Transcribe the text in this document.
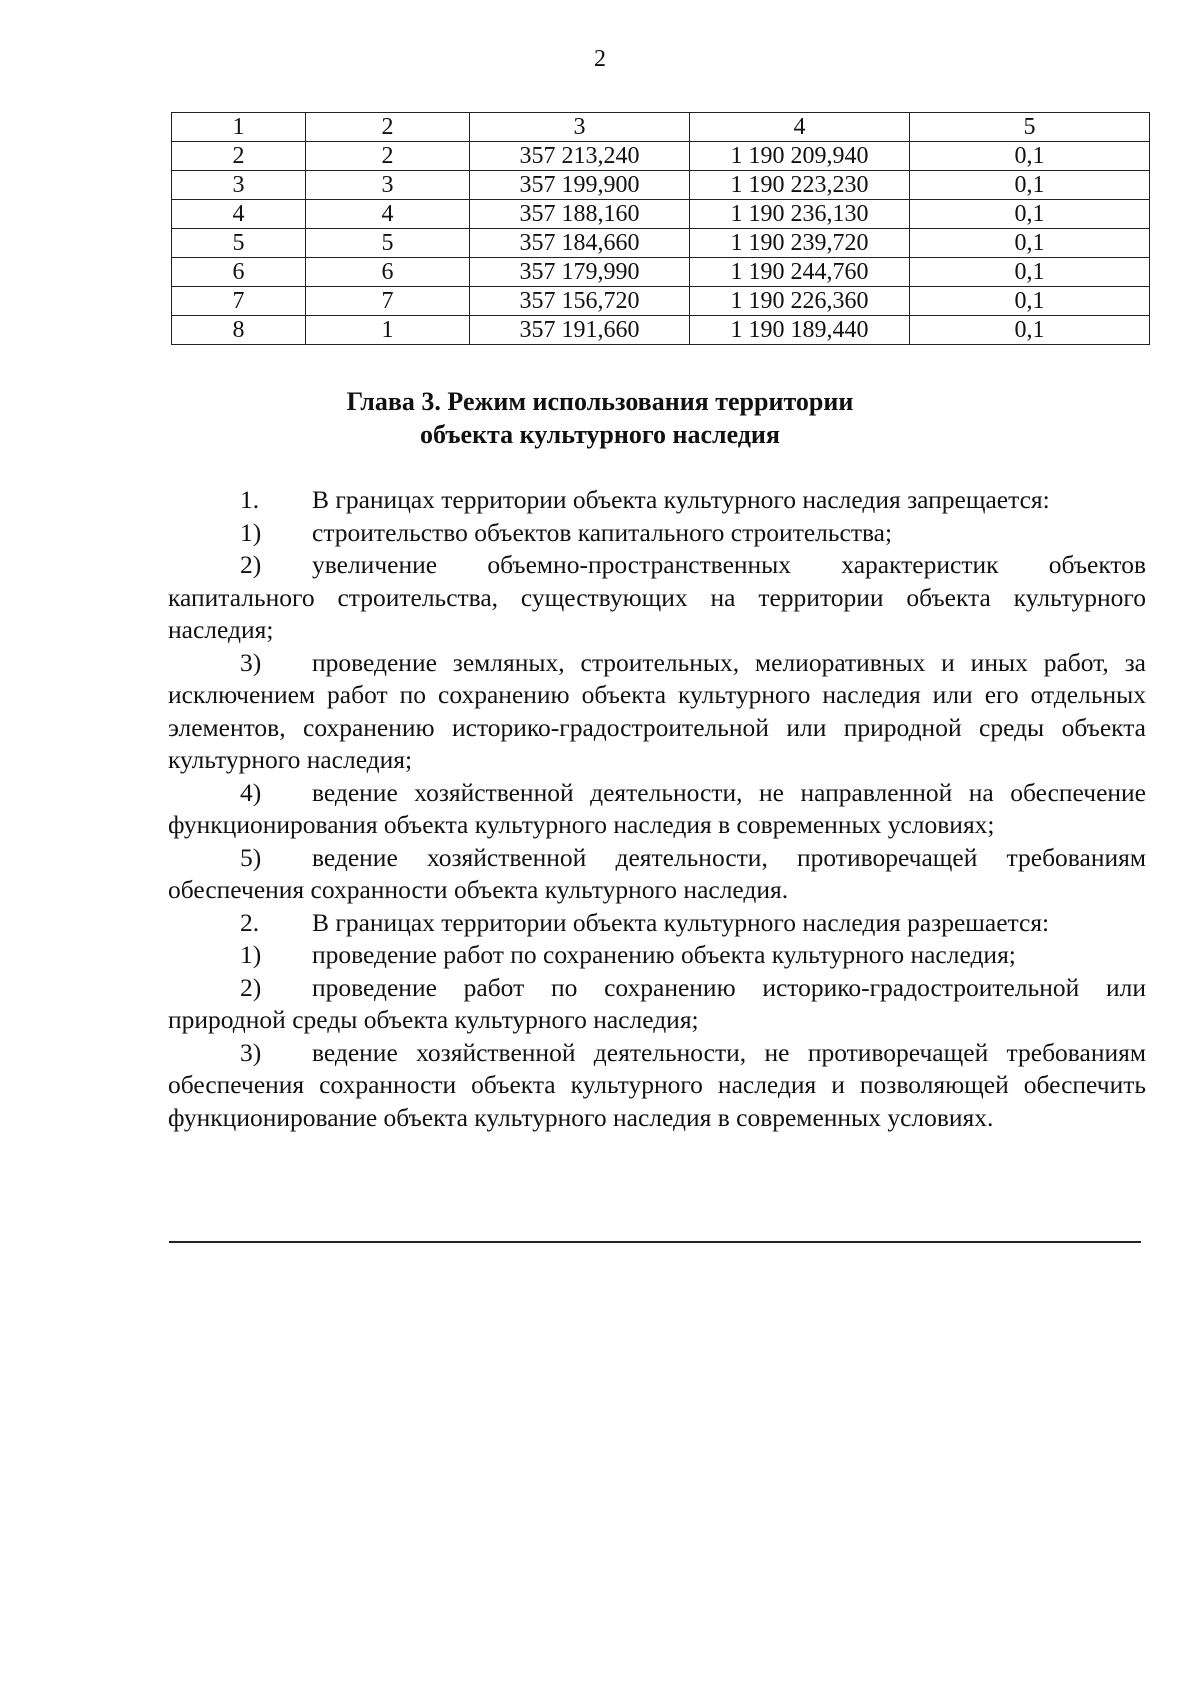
2
1	2	3	4	5
2	2	357 213,240	1 190 209,940	0,1
3	3	357 199,900	1 190 223,230	0,1
4	4	357 188,160	1 190 236,130	0,1
5	5	357 184,660	1 190 239,720	0,1
6	6	357 179,990	1 190 244,760	0,1
7	7	357 156,720	1 190 226,360	0,1
8	1	357 191,660	1 190 189,440	0,1
Глава 3. Режим использования территории
объекта культурного наследия

1. В границах территории объекта культурного наследия запрещается:

1) строительство объектов капитального строительства;

2) увеличение объемно-пространственных характеристик объектов капитального строительства, существующих на территории объекта культурного наследия;

3) проведение земляных, строительных, мелиоративных и иных работ, за исключением работ по сохранению объекта культурного наследия или его отдельных элементов, сохранению историко-градостроительной или природной среды объекта культурного наследия;

4) ведение хозяйственной деятельности, не направленной на обеспечение функционирования объекта культурного наследия в современных условиях;

5) ведение хозяйственной деятельности, противоречащей требованиям обеспечения сохранности объекта культурного наследия.

2. В границах территории объекта культурного наследия разрешается:

1) проведение работ по сохранению объекта культурного наследия;

2) проведение работ по сохранению историко-градостроительной или природной среды объекта культурного наследия;

3) ведение хозяйственной деятельности, не противоречащей требованиям обеспечения сохранности объекта культурного наследия и позволяющей обеспечить функционирование объекта культурного наследия в современных условиях.
